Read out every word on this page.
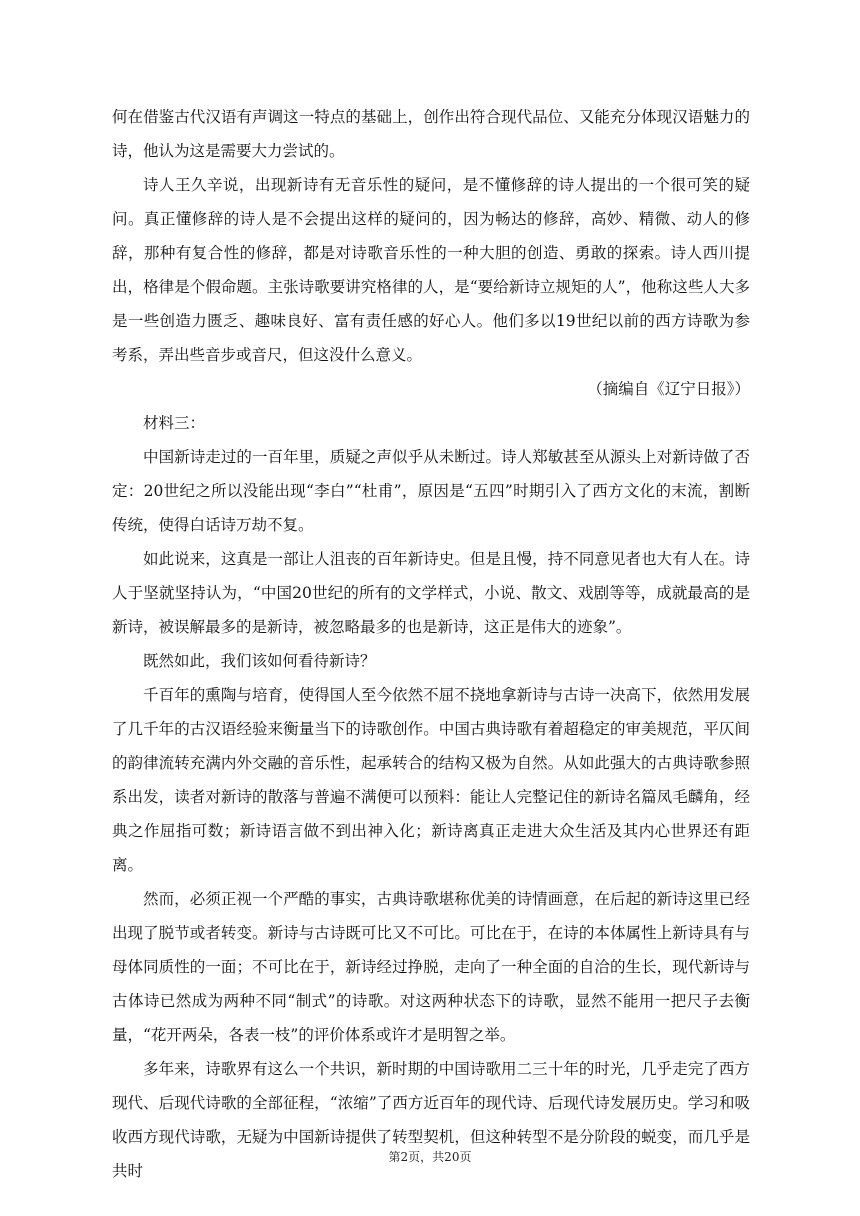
何在借鉴古代汉语有声调这一特点的基础上，创作出符合现代品位、又能充分体现汉语魅力的诗，他认为这是需要大力尝试的。

诗人王久辛说，出现新诗有无音乐性的疑问，是不懂修辞的诗人提出的一个很可笑的疑问。真正懂修辞的诗人是不会提出这样的疑问的，因为畅达的修辞，高妙、精微、动人的修辞，那种有复合性的修辞，都是对诗歌音乐性的一种大胆的创造、勇敢的探索。诗人西川提出，格律是个假命题。主张诗歌要讲究格律的人，是“要给新诗立规矩的人”，他称这些人大多是一些创造力匮乏、趣味良好、富有责任感的好心人。他们多以19世纪以前的西方诗歌为参考系，弄出些音步或音尺，但这没什么意义。

（摘编自《辽宁日报》）

材料三：

中国新诗走过的一百年里，质疑之声似乎从未断过。诗人郑敏甚至从源头上对新诗做了否定：20世纪之所以没能出现“李白”“杜甫”，原因是“五四”时期引入了西方文化的末流，割断传统，使得白话诗万劫不复。

如此说来，这真是一部让人沮丧的百年新诗史。但是且慢，持不同意见者也大有人在。诗人于坚就坚持认为，“中国20世纪的所有的文学样式，小说、散文、戏剧等等，成就最高的是新诗，被误解最多的是新诗，被忽略最多的也是新诗，这正是伟大的迹象”。

既然如此，我们该如何看待新诗？

千百年的熏陶与培育，使得国人至今依然不屈不挠地拿新诗与古诗一决高下，依然用发展了几千年的古汉语经验来衡量当下的诗歌创作。中国古典诗歌有着超稳定的审美规范，平仄间的韵律流转充满内外交融的音乐性，起承转合的结构又极为自然。从如此强大的古典诗歌参照系出发，读者对新诗的散落与普遍不满便可以预料：能让人完整记住的新诗名篇凤毛麟角，经典之作屈指可数；新诗语言做不到出神入化；新诗离真正走进大众生活及其内心世界还有距离。

然而，必须正视一个严酷的事实，古典诗歌堪称优美的诗情画意，在后起的新诗这里已经出现了脱节或者转变。新诗与古诗既可比又不可比。可比在于，在诗的本体属性上新诗具有与母体同质性的一面；不可比在于，新诗经过挣脱，走向了一种全面的自洽的生长，现代新诗与古体诗已然成为两种不同“制式”的诗歌。对这两种状态下的诗歌，显然不能用一把尺子去衡量，“花开两朵，各表一枝”的评价体系或许才是明智之举。

多年来，诗歌界有这么一个共识，新时期的中国诗歌用二三十年的时光，几乎走完了西方现代、后现代诗歌的全部征程，“浓缩”了西方近百年的现代诗、后现代诗发展历史。学习和吸收西方现代诗歌，无疑为中国新诗提供了转型契机，但这种转型不是分阶段的蜕变，而几乎是共时

第2页，共20页
